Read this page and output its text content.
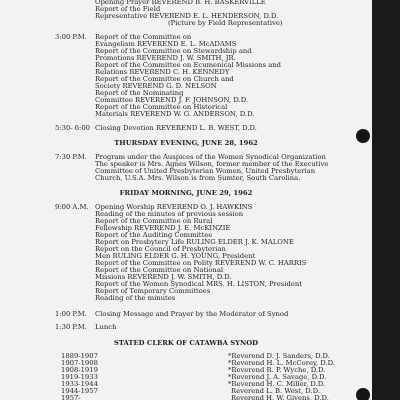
Opening Prayer REVEREND B. H. BASKERVILLE
Report of the Field
Representative REVEREND E. L. HENDERSON, D.D.
(Picture by Field Representative)
3:00 P.M. Report of the Committee on
Evangelism REVEREND E. L. McADAMS
Report of the Committee on Stewardship and
Promotions REVEREND J. W. SMITH, JR.
Report of the Committee on Ecumenical Missions and
Relations REVEREND C. H. KENNEDY
Report of the Committee on Church and
Society REVEREND G. D. NELSON
Report of the Nominating
Committee REVEREND J. F. JOHNSON, D.D.
Report of the Committee on Historical
Materials REVEREND W. G. ANDERSON, D.D.
5:30- 6:00 Closing Devotion REVEREND L. B. WEST, D.D.
THURSDAY EVENING, JUNE 28, 1962
7:30 P.M. Program under the Auspices of the Women Synodical Organization
The speaker is Mrs. Agnes Wilson, former member of the Executive
Committee of United Presbyterian Women, United Presbyterian
Church, U.S.A. Mrs. Wilson is from Sumter, South Carolina.
FRIDAY MORNING, JUNE 29, 1962
9:00 A.M. Opening Worship REVEREND O. J. HAWKINS
Reading of the minutes of previous session
Report of the Committee on Rural
Fellowship REVEREND J. E. McKINZIE
Report of the Auditing Committee
Report on Presbytery Life RULING ELDER J. K. MALONE
Report on the Council of Presbyterian
Men RULING ELDER G. H. YOUNG, President
Report of the Committee on Polity REVEREND W. C. HARRIS
Report of the Committee on National
Missions REVEREND J. W. SMITH, D.D.
Report of the Women Synodical MRS. H. LISTON, President
Report of Temporary Committees
Reading of the minutes
1:00 P.M. Closing Message and Prayer by the Moderator of Synod
1:30 P.M. Lunch
STATED CLERK OF CATAWBA SYNOD
1889-1907	*Reverend D. J. Sanders, D.D.
1907-1908	*Reverend H. L. McCorey, D.D.
1908-1919	*Reverend R. P. Wyche, D.D.
1919-1933	*Reverend J. A. Savage, D.D.
1933-1944	*Reverend H. C. Miller, D.D.
1944-1957	Reverend L. B. West, D.D.
1957-	Reverend H. W. Givens, D.D.
